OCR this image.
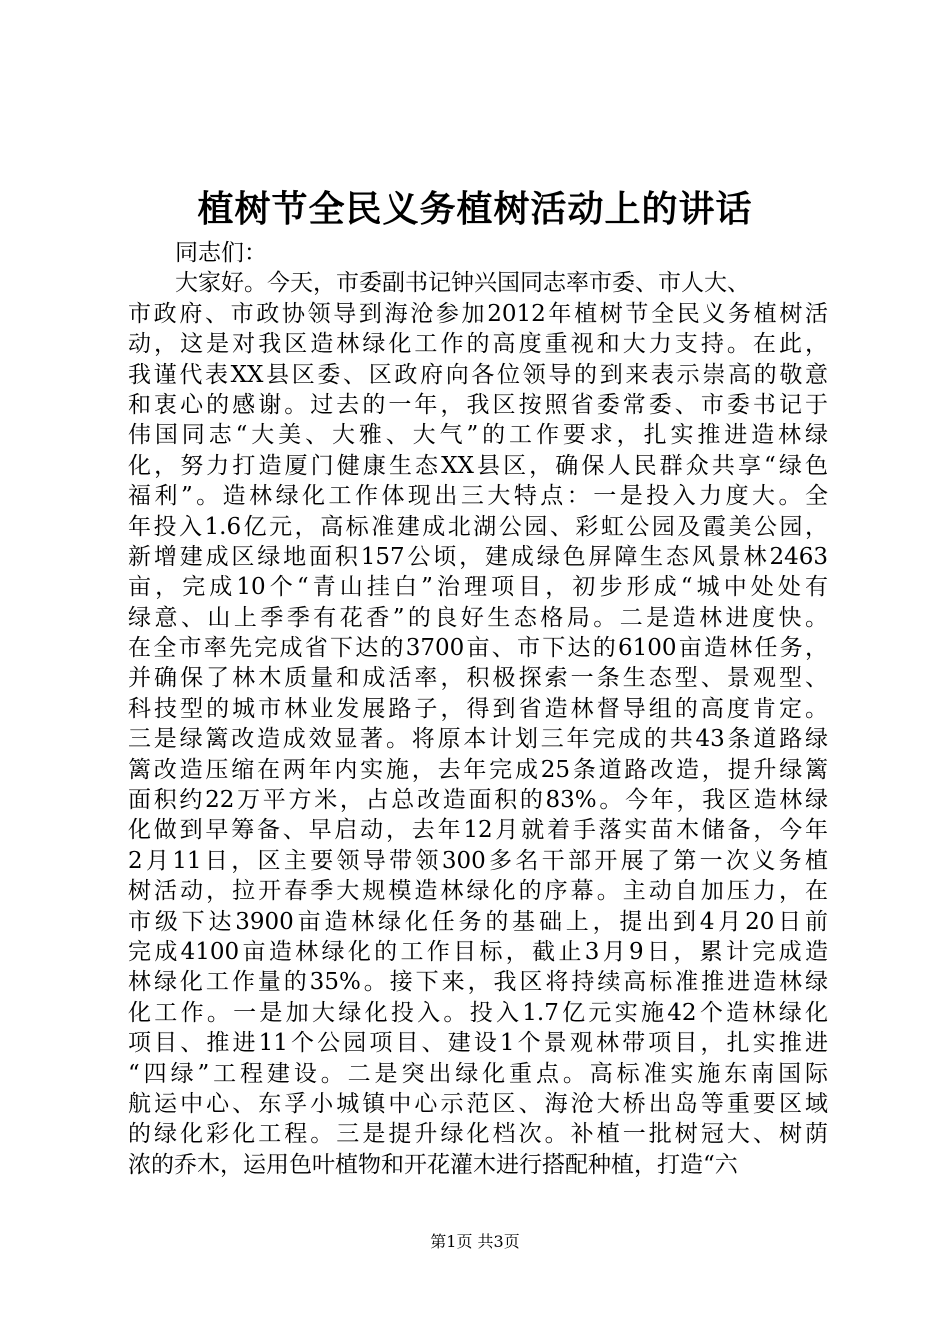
植树节全民义务植树活动上的讲话
同志们：
大家好。今天，市委副书记钟兴国同志率市委、市人大、
市政府、市政协领导到海沧参加2012年植树节全民义务植树活
动，这是对我区造林绿化工作的高度重视和大力支持。在此，
我谨代表XX县区委、区政府向各位领导的到来表示崇高的敬意
和衷心的感谢。过去的一年，我区按照省委常委、市委书记于
伟国同志“大美、大雅、大气”的工作要求，扎实推进造林绿
化，努力打造厦门健康生态XX县区，确保人民群众共享“绿色
福利”。造林绿化工作体现出三大特点：一是投入力度大。全
年投入1.6亿元，高标准建成北湖公园、彩虹公园及霞美公园，
新增建成区绿地面积157公顷，建成绿色屏障生态风景林2463
亩，完成10个“青山挂白”治理项目，初步形成“城中处处有
绿意、山上季季有花香”的良好生态格局。二是造林进度快。
在全市率先完成省下达的3700亩、市下达的6100亩造林任务，
并确保了林木质量和成活率，积极探索一条生态型、景观型、
科技型的城市林业发展路子，得到省造林督导组的高度肯定。
三是绿篱改造成效显著。将原本计划三年完成的共43条道路绿
篱改造压缩在两年内实施，去年完成25条道路改造，提升绿篱
面积约22万平方米，占总改造面积的83%。今年，我区造林绿
化做到早筹备、早启动，去年12月就着手落实苗木储备，今年
2月11日，区主要领导带领300多名干部开展了第一次义务植
树活动，拉开春季大规模造林绿化的序幕。主动自加压力，在
市级下达3900亩造林绿化任务的基础上，提出到4月20日前
完成4100亩造林绿化的工作目标，截止3月9日，累计完成造
林绿化工作量的35%。接下来，我区将持续高标准推进造林绿
化工作。一是加大绿化投入。投入1.7亿元实施42个造林绿化
项目、推进11个公园项目、建设1个景观林带项目，扎实推进
“四绿”工程建设。二是突出绿化重点。高标准实施东南国际
航运中心、东孚小城镇中心示范区、海沧大桥出岛等重要区域
的绿化彩化工程。三是提升绿化档次。补植一批树冠大、树荫
浓的乔木，运用色叶植物和开花灌木进行搭配种植，打造“六
第1页 共3页
